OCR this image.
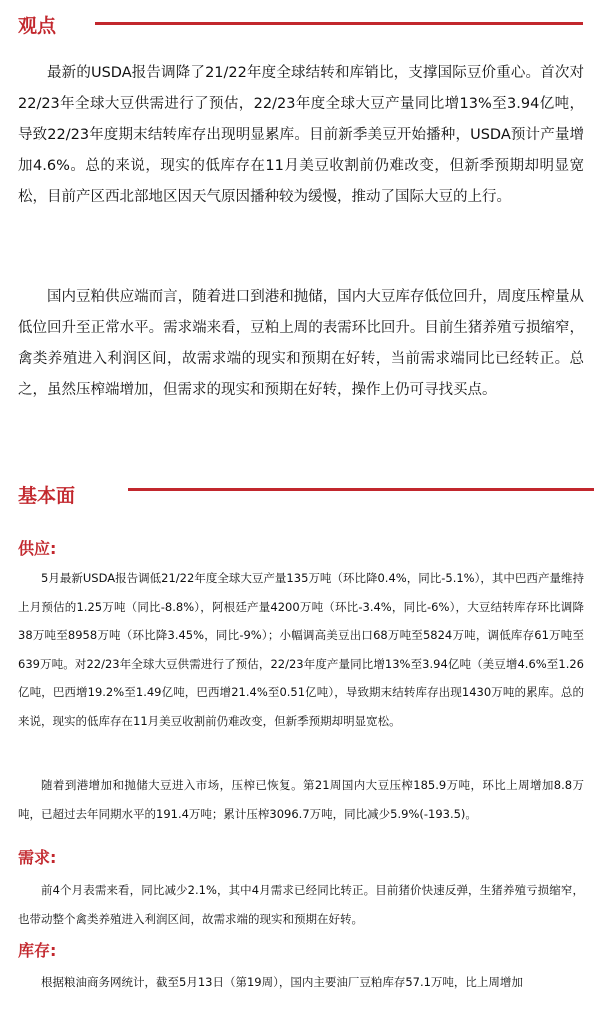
观点

最新的USDA报告调降了21/22年度全球结转和库销比，支撑国际豆价重心。首次对22/23年全球大豆供需进行了预估，22/23年度全球大豆产量同比增13%至3.94亿吨，导致22/23年度期末结转库存出现明显累库。目前新季美豆开始播种，USDA预计产量增加4.6%。总的来说，现实的低库存在11月美豆收割前仍难改变，但新季预期却明显宽松，目前产区西北部地区因天气原因播种较为缓慢，推动了国际大豆的上行。

国内豆粕供应端而言，随着进口到港和抛储，国内大豆库存低位回升，周度压榨量从低位回升至正常水平。需求端来看，豆粕上周的表需环比回升。目前生猪养殖亏损缩窄，禽类养殖进入利润区间，故需求端的现实和预期在好转，当前需求端同比已经转正。总之，虽然压榨端增加，但需求的现实和预期在好转，操作上仍可寻找买点。

基本面
供应:

5月最新USDA报告调低21/22年度全球大豆产量135万吨（环比降0.4%，同比-5.1%），其中巴西产量维持上月预估的1.25万吨（同比-8.8%），阿根廷产量4200万吨（环比-3.4%，同比-6%），大豆结转库存环比调降38万吨至8958万吨（环比降3.45%，同比-9%）；小幅调高美豆出口68万吨至5824万吨，调低库存61万吨至639万吨。对22/23年全球大豆供需进行了预估，22/23年度产量同比增13%至3.94亿吨（美豆增4.6%至1.26亿吨，巴西增19.2%至1.49亿吨，巴西增21.4%至0.51亿吨），导致期末结转库存出现1430万吨的累库。总的来说，现实的低库存在11月美豆收割前仍难改变，但新季预期却明显宽松。

随着到港增加和抛储大豆进入市场，压榨已恢复。第21周国内大豆压榨185.9万吨，环比上周增加8.8万吨，已超过去年同期水平的191.4万吨；累计压榨3096.7万吨，同比减少5.9%(-193.5)。

需求:

前4个月表需来看，同比减少2.1%，其中4月需求已经同比转正。目前猪价快速反弹，生猪养殖亏损缩窄，也带动整个禽类养殖进入利润区间，故需求端的现实和预期在好转。

库存:

根据粮油商务网统计，截至5月13日（第19周），国内主要油厂豆粕库存57.1万吨，比上周增加
